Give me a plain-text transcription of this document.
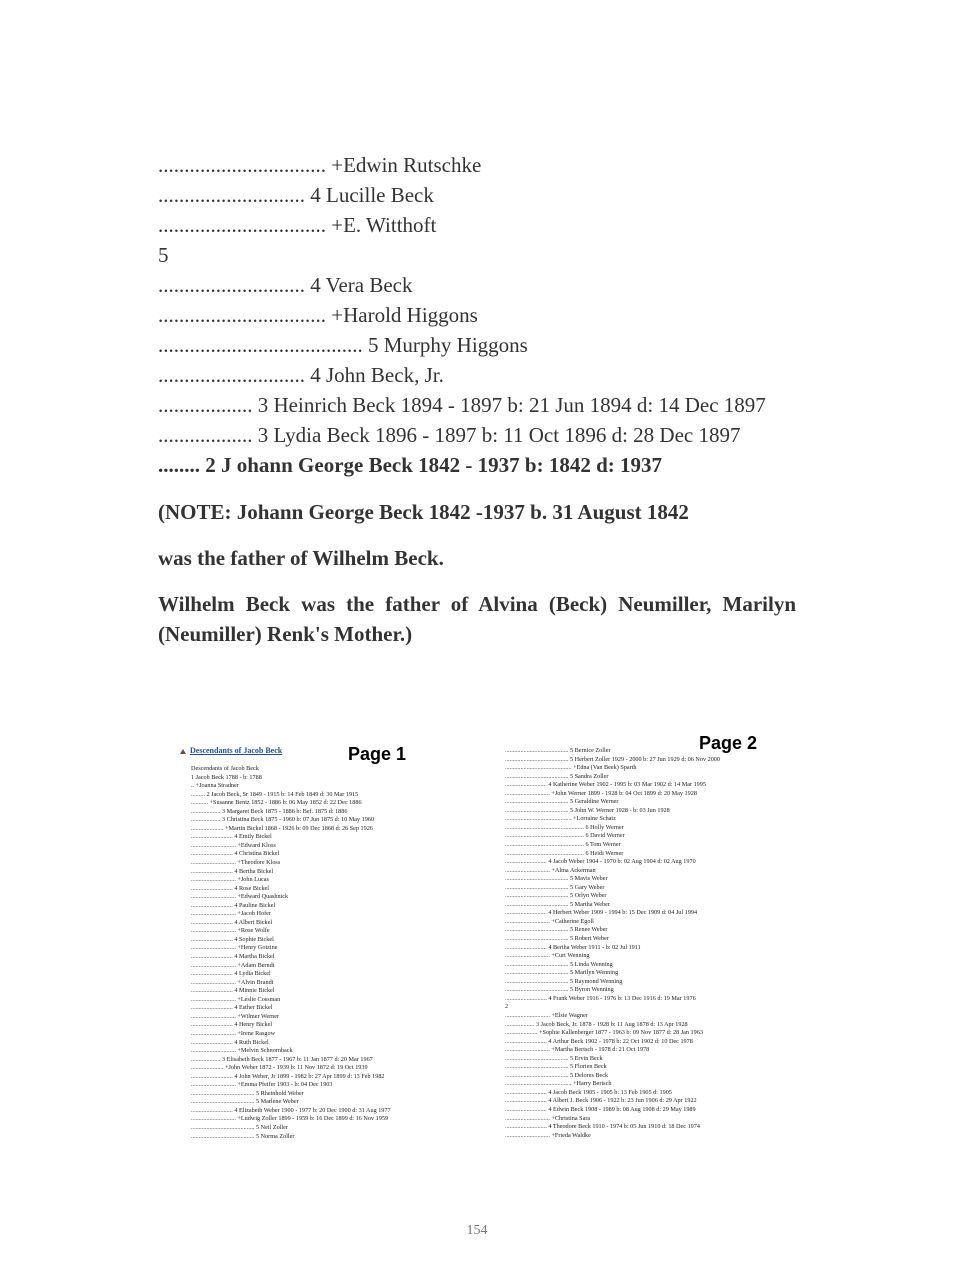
................................ +Edwin Rutschke
............................ 4 Lucille Beck
................................ +E. Witthoft
5
............................ 4 Vera Beck
................................ +Harold Higgons
....................................... 5 Murphy Higgons
............................ 4 John Beck, Jr.
.................. 3 Heinrich Beck 1894 - 1897 b: 21 Jun 1894 d: 14 Dec 1897
.................. 3 Lydia Beck 1896 - 1897 b: 11 Oct 1896 d: 28 Dec 1897
........ 2 J ohann George Beck 1842 - 1937 b: 1842 d: 1937
(NOTE: Johann George Beck 1842 -1937 b. 31 August 1842
was the father of Wilhelm Beck.
Wilhelm Beck was the father of Alvina (Beck) Neumiller, Marilyn (Neumiller) Renk's Mother.)
Descendants of Jacob Beck	Page 1
Descendants of Jacob Beck
1 Jacob Beck 1788 - b: 1788
.. +Joanna Stradner
......... 2 Jacob Beck, Sr 1849 - 1915 b: 14 Feb 1849 d: 30 Mar 1915
........... +Susanne Bentz 1852 - 1886 b: 06 May 1852 d: 22 Dec 1886
................... 3 Margaret Beck 1875 - 1886 b: Bef. 1875 d: 1886
................... 3 Christina Beck 1875 - 1960 b: 07 Jun 1875 d: 10 May 1960
..................... +Martin Bickel 1868 - 1926 b: 09 Dec 1868 d: 26 Sep 1926
........................... 4 Emily Bickel
............................. +Edward Kloss
........................... 4 Christina Bickel
............................. +Theodore Kloss
........................... 4 Bertha Bickel
............................. +John Lucas
........................... 4 Rose Bickel
............................. +Edward Quashnick
........................... 4 Pauline Bickel
............................. +Jacob Hofer
........................... 4 Albert Bickel
............................. +Rose Wolfe
........................... 4 Sophie Bickel
............................. +Henry Gotzine
........................... 4 Martha Bickel
............................. +Adam Berndt
........................... 4 Lydia Bickel
............................. +Alvin Brandt
........................... 4 Minnie Bickel
............................. +Leslie Cossman
........................... 4 Esther Bickel
............................. +Wilmer Werner
........................... 4 Henry Bickel
............................. +Irene Rasgow
........................... 4 Ruth Bickel
............................. +Melvin Schnornback
................... 3 Elisabeth Beck 1877 - 1967 b: 11 Jan 1877 d: 20 Mar 1967
..................... +John Weber 1872 - 1939 b: 11 Nov 1872 d: 19 Oct 1939
........................... 4 John Weber, Jr 1899 - 1982 b: 27 Apr 1899 d: 13 Feb 1982
............................. +Emma Pfeifer 1903 - b: 04 Dec 1903
......................................... 5 Rheinhold Weber
......................................... 5 Marlene Weber
........................... 4 Elizabeth Weber 1900 - 1977 b: 20 Dec 1900 d: 31 Aug 1977
............................. +Ludwig Zoller 1899 - 1959 b: 16 Dec 1899 d: 16 Nov 1959
......................................... 5 Neil Zoller
......................................... 5 Norma Zoller
Page 2
......................................... 5 Bernice Zoller
......................................... 5 Herbert Zoller 1929 - 2000 b: 27 Jun 1929 d: 06 Nov 2000
........................................... +Edna (Van Beek) Sparth
......................................... 5 Sandra Zoller
........................... 4 Katherine Weber 1902 - 1995 b: 03 Mar 1902 d: 14 Mar 1995
............................. +John Werner 1899 - 1928 b: 04 Oct 1899 d: 20 May 1928
......................................... 5 Geraldine Werner
......................................... 5 John W. Werner 1928 - b: 03 Jun 1928
........................................... +Lorraine Schatz
................................................... 6 Holly Werner
................................................... 6 David Werner
................................................... 6 Tom Werner
................................................... 6 Heidi Werner
........................... 4 Jacob Weber 1904 - 1970 b: 02 Aug 1904 d: 02 Aug 1970
............................. +Alma Ackerman
......................................... 5 Mavis Weber
......................................... 5 Gary Weber
......................................... 5 Orlyn Weber
......................................... 5 Martha Weber
........................... 4 Herbert Weber 1909 - 1994 b: 15 Dec 1909 d: 04 Jul 1994
............................. +Catherine Egoll
......................................... 5 Renee Weber
......................................... 5 Robert Weber
........................... 4 Bertha Weber 1911 - b: 02 Jul 1911
............................. +Curt Wenning
......................................... 5 Linda Wenning
......................................... 5 Marilyn Wenning
......................................... 5 Raymond Wenning
......................................... 5 Byron Wenning
........................... 4 Frank Weber 1916 - 1976 b: 13 Dec 1916 d: 19 Mar 1976
2
............................. +Elsie Wagner
................... 3 Jacob Beck, Jr. 1878 - 1928 b: 11 Aug 1878 d: 13 Apr 1928
..................... +Sophie Kallenberger 1877 - 1963 b: 09 Nov 1877 d: 28 Jan 1963
........................... 4 Arthur Beck 1902 - 1978 b: 22 Oct 1902 d: 10 Dec 1978
............................. +Martha Bertsch - 1978 d: 21 Oct 1978
......................................... 5 Ervin Beck
......................................... 5 Florien Beck
......................................... 5 Delores Beck
........................................... +Harry Bertsch
........................... 4 Jacob Beck 1905 - 1905 b: 13 Feb 1905 d: 1905
........................... 4 Albert J. Beck 1906 - 1922 b: 23 Jun 1906 d: 29 Apr 1922
........................... 4 Edwin Beck 1908 - 1989 b: 08 Aug 1908 d: 29 May 1989
............................. +Christina Sara
........................... 4 Theodore Beck 1910 - 1974 b: 05 Jun 1910 d: 18 Dec 1974
............................. +Frieda Waldke
154
